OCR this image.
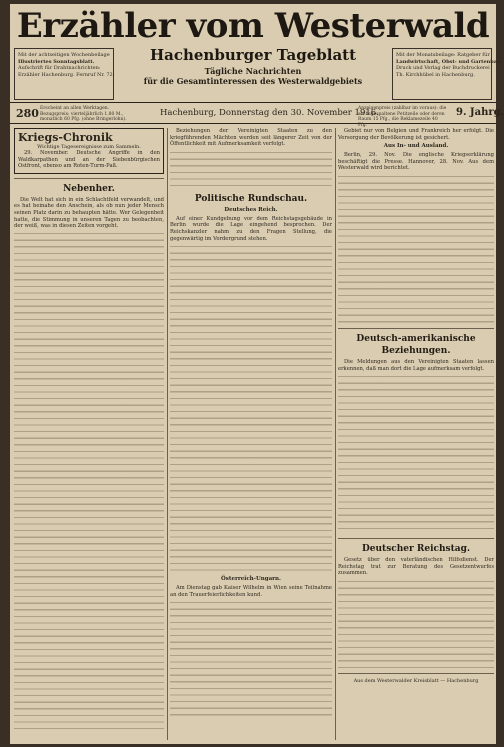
Erzähler vom Westerwald
Mit der achtseitigen Wochenbeilage
Illustriertes Sonntagsblatt.
Aufschrift für Drahtnachrichten:
Erzähler Hachenburg. Fernruf Nr. 72
Hachenburger Tageblatt
Tägliche Nachrichten
für die Gesamtinteressen des Westerwaldgebiets
Mit der Monatsbeilage: Ratgeber für
Landwirtschaft, Obst- und Gartenbau.
Druck und Verlag der Buchdruckerei
Th. Kirchhübel in Hachenburg.
280 Erscheint an allen Werktagen. Bezugspreis: vierteljährlich 1.80 M., monatlich 60 Pfg. (ohne Bringerlohn).
Hachenburg, Donnerstag den 30. November 1916.
Anzeigenpreis (zahlbar im voraus): die sechsgespaltene Petitzeile oder deren Raum 15 Pfg., die Reklamezeile 40 Pfg.
9. Jahrg.
Kriegs-Chronik
Wichtige Tagesereignisse zum Sammeln.
29. November. Deutsche Angriffe in den Waldkarpathen und an der Siebenbürgischen Ostfront, ebenso am Roten-Turm-Paß.
Nebenher.
Die Welt hat sich in ein Schlachtfeld verwandelt, und es hat beinahe den Anschein, als ob nun jeder Mensch seinen Platz darin zu behaupten hätte. Wer Gelegenheit hatte, die Stimmung in unseren Tagen zu beobachten, der weiß, was in diesen Zeiten vorgeht.
Beziehungen der Vereinigten Staaten zu den kriegführenden Mächten werden seit längerer Zeit von der Öffentlichkeit mit Aufmerksamkeit verfolgt.
Politische Rundschau.
Deutsches Reich.
Auf einer Kundgebung vor dem Reichstagsgebäude in Berlin wurde die Lage eingehend besprochen. Der Reichskanzler nahm zu den Fragen Stellung, die gegenwärtig im Vordergrund stehen.
Österreich-Ungarn.
Am Dienstag gab Kaiser Wilhelm in Wien seine Teilnahme an den Trauerfeierlichkeiten kund.
Gebiet nur von Belgien und Frankreich her erfolgt. Die Versorgung der Bevölkerung ist gesichert.
Aus In- und Ausland.
Berlin, 29. Nov. Die englische Kriegserklärung beschäftigt die Presse. Hannover, 28. Nov. Aus dem Westerwald wird berichtet.
Deutsch-amerikanische Beziehungen.
Die Meldungen aus den Vereinigten Staaten lassen erkennen, daß man dort die Lage aufmerksam verfolgt.
Deutscher Reichstag.
Gesetz über den vaterländischen Hilfsdienst. Der Reichstag trat zur Beratung des Gesetzentwurfes zusammen.
Aus dem Westerwalder Kreisblatt — Hachenburg
